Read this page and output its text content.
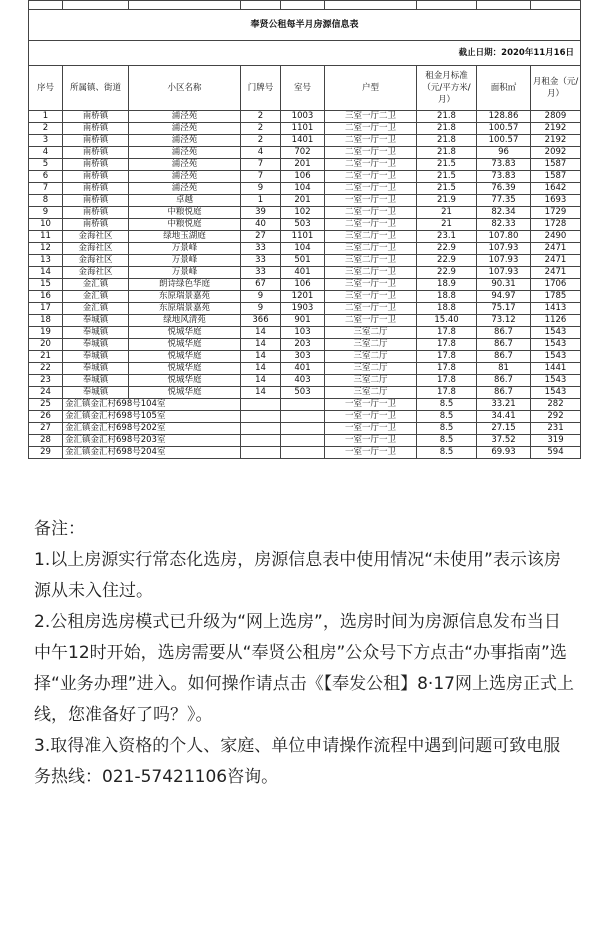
奉贤公租每半月房源信息表								
截止日期：2020年11月16日								
序号	所属镇、街道	小区名称	门牌号	室号	户型	租金月标准（元/平方米/月）	面积㎡	月租金（元/月）
1	南桥镇	浦泾苑	2	1003	三室一厅二卫	21.8	128.86	2809
2	南桥镇	浦泾苑	2	1101	二室一厅一卫	21.8	100.57	2192
3	南桥镇	浦泾苑	2	1401	二室一厅一卫	21.8	100.57	2192
4	南桥镇	浦泾苑	4	702	二室一厅一卫	21.8	96	2092
5	南桥镇	浦泾苑	7	201	二室一厅一卫	21.5	73.83	1587
6	南桥镇	浦泾苑	7	106	二室一厅一卫	21.5	73.83	1587
7	南桥镇	浦泾苑	9	104	二室一厅一卫	21.5	76.39	1642
8	南桥镇	卓越	1	201	一室一厅一卫	21.9	77.35	1693
9	南桥镇	中粮悦庭	39	102	二室一厅一卫	21	82.34	1729
10	南桥镇	中粮悦庭	40	503	二室一厅一卫	21	82.33	1728
11	金海社区	绿地玉湖庭	27	1101	三室二厅一卫	23.1	107.80	2490
12	金海社区	万景峰	33	104	三室二厅一卫	22.9	107.93	2471
13	金海社区	万景峰	33	501	三室二厅一卫	22.9	107.93	2471
14	金海社区	万景峰	33	401	三室二厅一卫	22.9	107.93	2471
15	金汇镇	朗诗绿色华庭	67	106	三室一厅一卫	18.9	90.31	1706
16	金汇镇	东原瑞景嘉苑	9	1201	三室一厅一卫	18.8	94.97	1785
17	金汇镇	东原瑞景嘉苑	9	1903	二室一厅一卫	18.8	75.17	1413
18	奉城镇	绿地风清苑	366	901	二室一厅一卫	15.40	73.12	1126
19	奉城镇	悦城华庭	14	103	三室二厅	17.8	86.7	1543
20	奉城镇	悦城华庭	14	203	三室二厅	17.8	86.7	1543
21	奉城镇	悦城华庭	14	303	三室二厅	17.8	86.7	1543
22	奉城镇	悦城华庭	14	401	三室二厅	17.8	81	1441
23	奉城镇	悦城华庭	14	403	三室二厅	17.8	86.7	1543
24	奉城镇	悦城华庭	14	503	三室二厅	17.8	86.7	1543
25	金汇镇金汇村698号104室				一室一厅一卫	8.5	33.21	282
26	金汇镇金汇村698号105室				一室一厅一卫	8.5	34.41	292
27	金汇镇金汇村698号202室				一室一厅一卫	8.5	27.15	231
28	金汇镇金汇村698号203室				一室一厅一卫	8.5	37.52	319
29	金汇镇金汇村698号204室				一室一厅一卫	8.5	69.93	594

备注：

1.以上房源实行常态化选房，房源信息表中使用情况“未使用”表示该房源从未入住过。

2.公租房选房模式已升级为“网上选房”，选房时间为房源信息发布当日中午12时开始，选房需要从“奉贤公租房”公众号下方点击“办事指南”选择“业务办理”进入。如何操作请点击《【奉发公租】8·17网上选房正式上线，您准备好了吗？》。

3.取得准入资格的个人、家庭、单位申请操作流程中遇到问题可致电服务热线：021-57421106咨询。
